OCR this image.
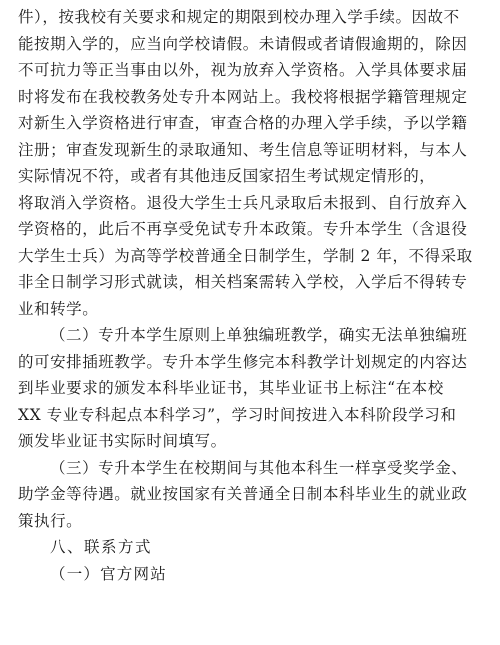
件），按我校有关要求和规定的期限到校办理入学手续。因故不
能按期入学的，应当向学校请假。未请假或者请假逾期的，除因
不可抗力等正当事由以外，视为放弃入学资格。入学具体要求届
时将发布在我校教务处专升本网站上。我校将根据学籍管理规定
对新生入学资格进行审查，审查合格的办理入学手续，予以学籍
注册；审查发现新生的录取通知、考生信息等证明材料，与本人
实际情况不符，或者有其他违反国家招生考试规定情形的，
将取消入学资格。退役大学生士兵凡录取后未报到、自行放弃入
学资格的，此后不再享受免试专升本政策。专升本学生（含退役
大学生士兵）为高等学校普通全日制学生，学制 2 年，不得采取
非全日制学习形式就读，相关档案需转入学校，入学后不得转专
业和转学。
（二）专升本学生原则上单独编班教学，确实无法单独编班
的可安排插班教学。专升本学生修完本科教学计划规定的内容达
到毕业要求的颁发本科毕业证书，其毕业证书上标注“在本校
XX 专业专科起点本科学习”，学习时间按进入本科阶段学习和
颁发毕业证书实际时间填写。
（三）专升本学生在校期间与其他本科生一样享受奖学金、
助学金等待遇。就业按国家有关普通全日制本科毕业生的就业政
策执行。
八、联系方式
（一）官方网站
